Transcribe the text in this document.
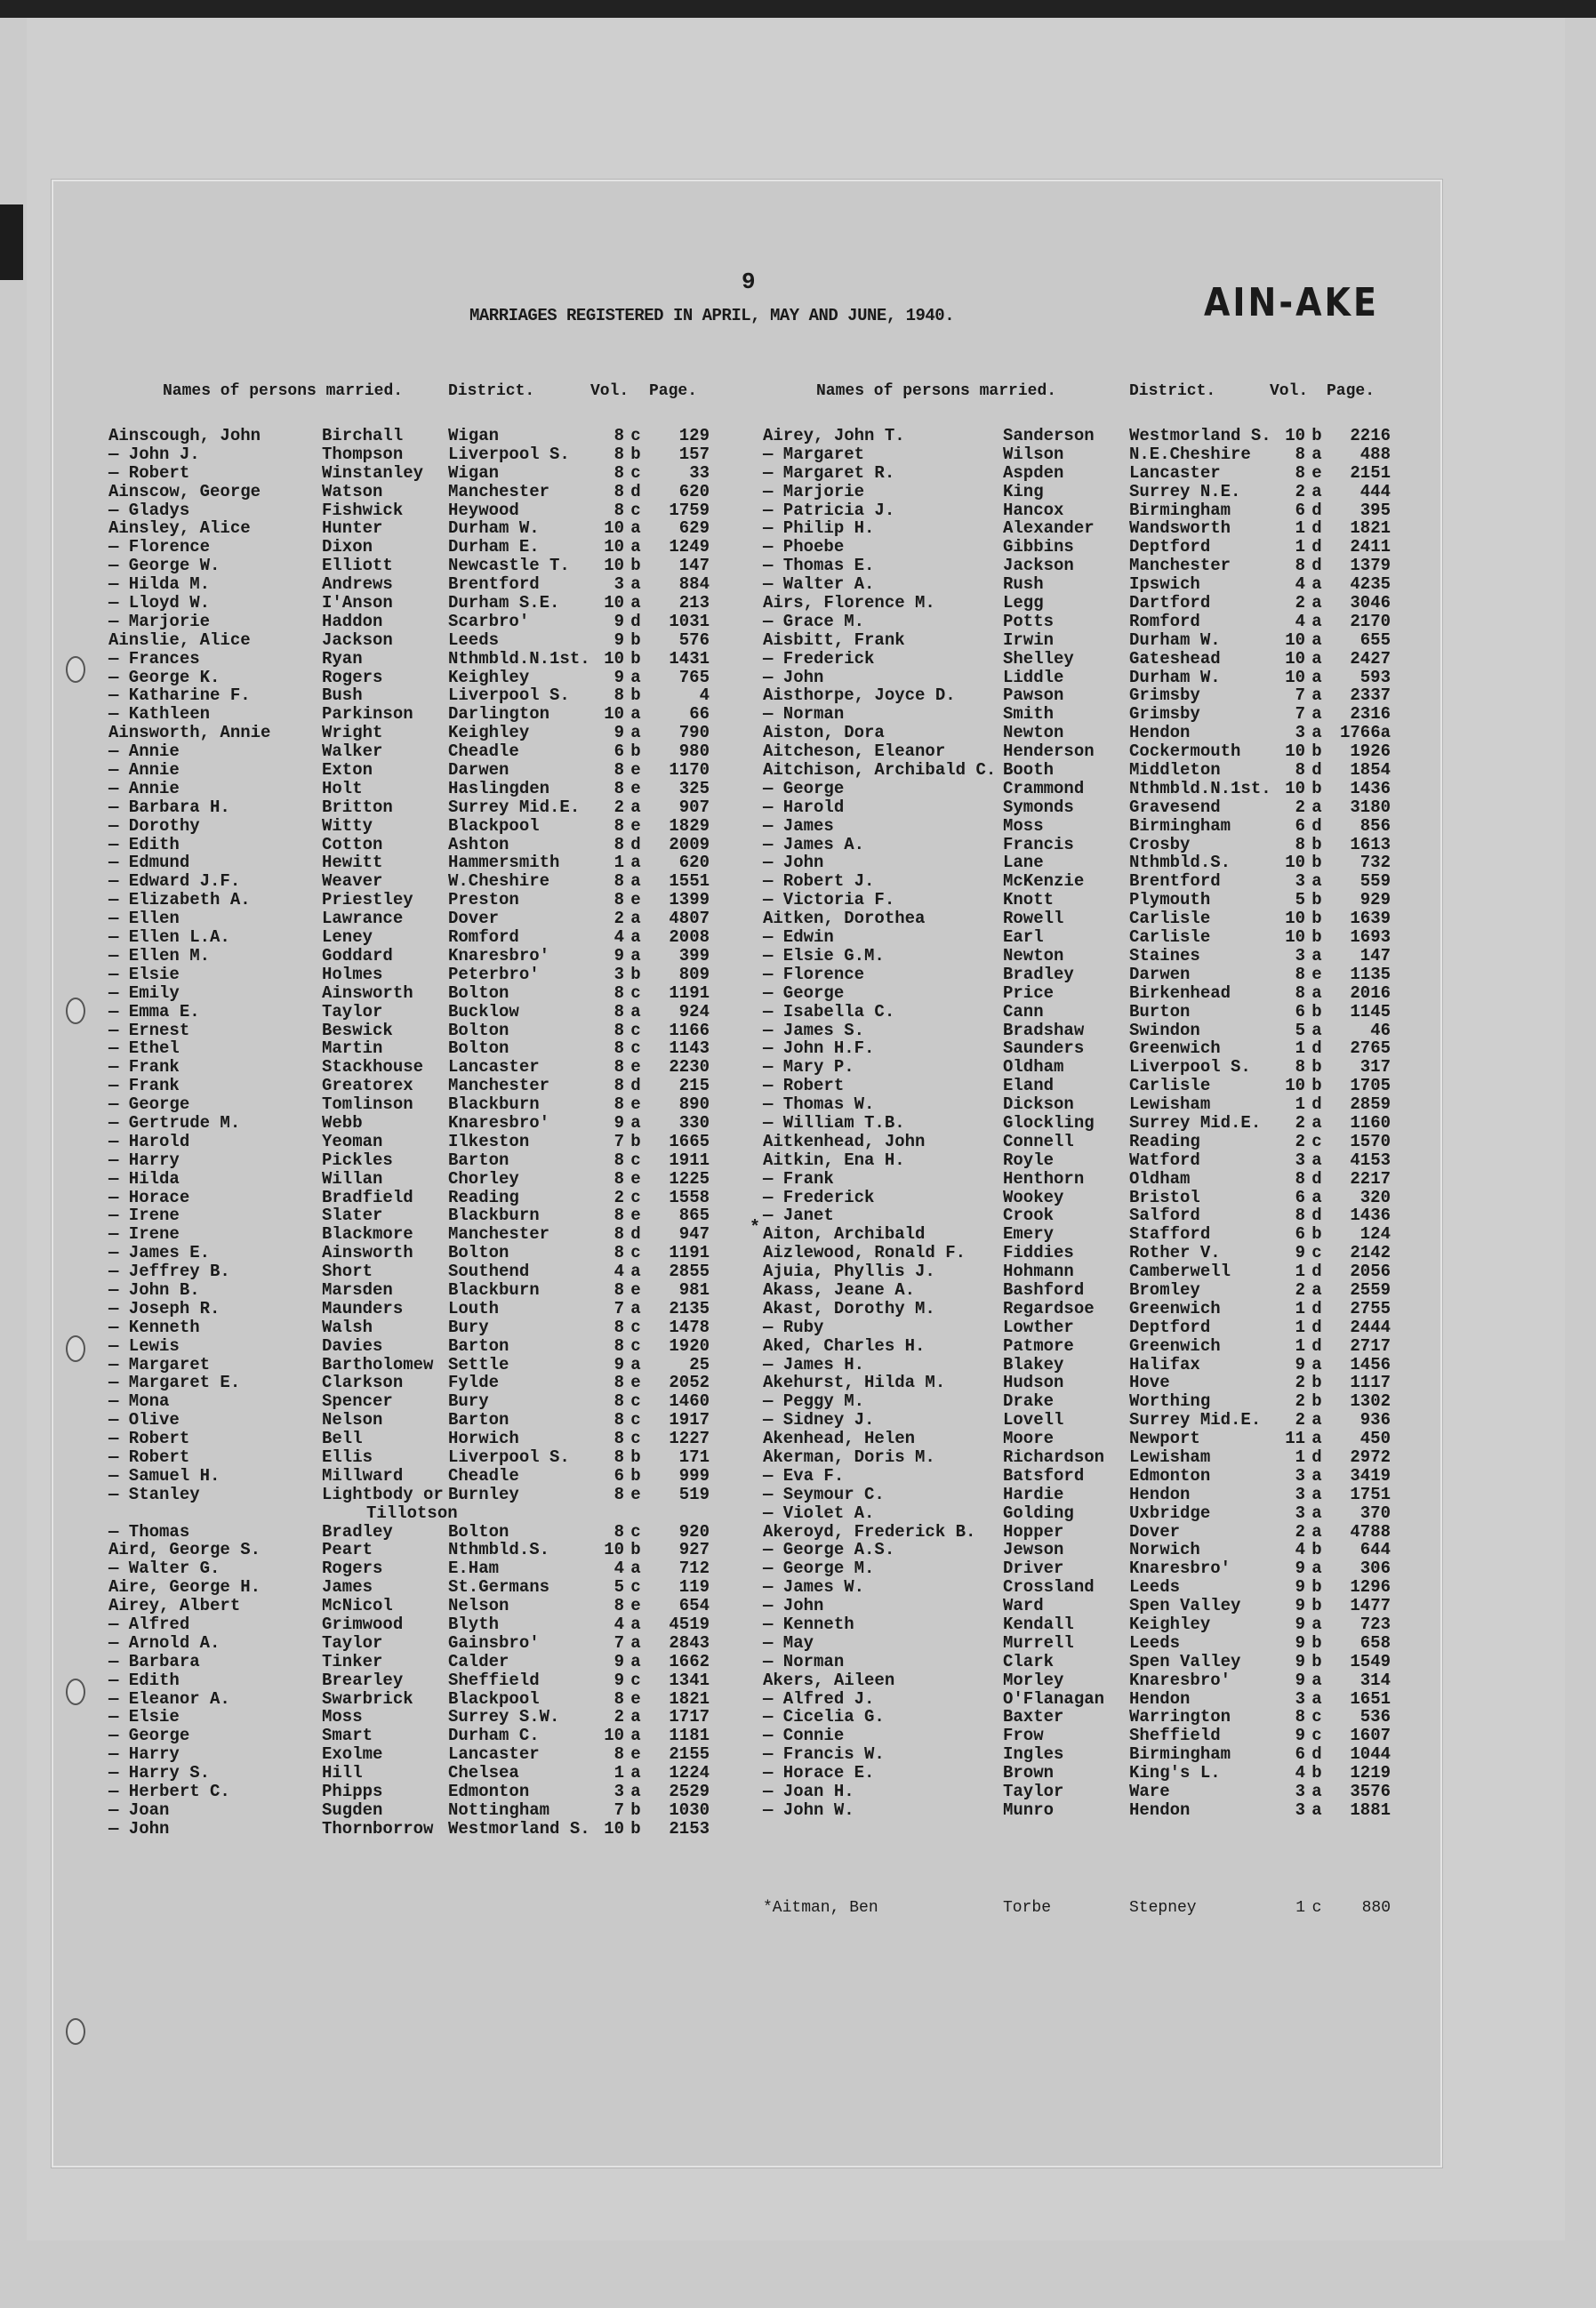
9
MARRIAGES REGISTERED IN APRIL, MAY AND JUNE, 1940.	AIN-AKE
Names of persons married.	District.	Vol. Page.	Names of persons married.	District.	Vol. Page.
Ainscough, John	Birchall	Wigan	8 c	129
— John J.	Thompson	Liverpool S.	8 b	157
— Robert	Winstanley	Wigan	8 c	33
Ainscow, George	Watson	Manchester	8 d	620
— Gladys	Fishwick	Heywood	8 c	1759
Ainsley, Alice	Hunter	Durham W.	10 a	629
— Florence	Dixon	Durham E.	10 a	1249
— George W.	Elliott	Newcastle T.	10 b	147
— Hilda M.	Andrews	Brentford	3 a	884
— Lloyd W.	I'Anson	Durham S.E.	10 a	213
— Marjorie	Haddon	Scarbro'	9 d	1031
Ainslie, Alice	Jackson	Leeds	9 b	576
— Frances	Ryan	Nthmbld.N.1st. 10 b	1431
— George K.	Rogers	Keighley	9 a	765
— Katharine F.	Bush	Liverpool S.	8 b	4
— Kathleen	Parkinson	Darlington	10 a	66
Ainsworth, Annie	Wright	Keighley	9 a	790
— Annie	Walker	Cheadle	6 b	980
— Annie	Exton	Darwen	8 e	1170
— Annie	Holt	Haslingden	8 e	325
— Barbara H.	Britton	Surrey Mid.E.	2 a	907
— Dorothy	Witty	Blackpool	8 e	1829
— Edith	Cotton	Ashton	8 d	2009
— Edmund	Hewitt	Hammersmith	1 a	620
— Edward J.F.	Weaver	W.Cheshire	8 a	1551
— Elizabeth A.	Priestley	Preston	8 e	1399
— Ellen	Lawrance	Dover	2 a	4807
— Ellen L.A.	Leney	Romford	4 a	2008
— Ellen M.	Goddard	Knaresbro'	9 a	399
— Elsie	Holmes	Peterbro'	3 b	809
— Emily	Ainsworth	Bolton	8 c	1191
— Emma E.	Taylor	Bucklow	8 a	924
— Ernest	Beswick	Bolton	8 c	1166
— Ethel	Martin	Bolton	8 c	1143
— Frank	Stackhouse	Lancaster	8 e	2230
— Frank	Greatorex	Manchester	8 d	215
— George	Tomlinson	Blackburn	8 e	890
— Gertrude M.	Webb	Knaresbro'	9 a	330
— Harold	Yeoman	Ilkeston	7 b	1665
— Harry	Pickles	Barton	8 c	1911
— Hilda	Willan	Chorley	8 e	1225
— Horace	Bradfield	Reading	2 c	1558
— Irene	Slater	Blackburn	8 e	865
— Irene	Blackmore	Manchester	8 d	947
— James E.	Ainsworth	Bolton	8 c	1191
— Jeffrey B.	Short	Southend	4 a	2855
— John B.	Marsden	Blackburn	8 e	981
— Joseph R.	Maunders	Louth	7 a	2135
— Kenneth	Walsh	Bury	8 c	1478
— Lewis	Davies	Barton	8 c	1920
— Margaret	Bartholomew Settle	9 a	25
— Margaret E.	Clarkson	Fylde	8 e	2052
— Mona	Spencer	Bury	8 c	1460
— Olive	Nelson	Barton	8 c	1917
— Robert	Bell	Horwich	8 c	1227
— Robert	Ellis	Liverpool S.	8 b	171
— Samuel H.	Millward	Cheadle	6 b	999
— Stanley	Lightbody or Burnley	8 e	519
Tillotson
— Thomas	Bradley	Bolton	8 c	920
Aird, George S.	Peart	Nthmbld.S.	10 b	927
— Walter G.	Rogers	E.Ham	4 a	712
Aire, George H.	James	St.Germans	5 c	119
Airey, Albert	McNicol	Nelson	8 e	654
— Alfred	Grimwood	Blyth	4 a	4519
— Arnold A.	Taylor	Gainsbro'	7 a	2843
— Barbara	Tinker	Calder	9 a	1662
— Edith	Brearley	Sheffield	9 c	1341
— Eleanor A.	Swarbrick	Blackpool	8 e	1821
— Elsie	Moss	Surrey S.W.	2 a	1717
— George	Smart	Durham C.	10 a	1181
— Harry	Exolme	Lancaster	8 e	2155
— Harry S.	Hill	Chelsea	1 a	1224
— Herbert C.	Phipps	Edmonton	3 a	2529
— Joan	Sugden	Nottingham	7 b	1030
— John	Thornborrow Westmorland S. 10 b	2153
Airey, John T.	Sanderson	Westmorland S. 10 b	2216
— Margaret	Wilson	N.E.Cheshire	8 a	488
— Margaret R.	Aspden	Lancaster	8 e	2151
— Marjorie	King	Surrey N.E.	2 a	444
— Patricia J.	Hancox	Birmingham	6 d	395
— Philip H.	Alexander	Wandsworth	1 d	1821
— Phoebe	Gibbins	Deptford	1 d	2411
— Thomas E.	Jackson	Manchester	8 d	1379
— Walter A.	Rush	Ipswich	4 a	4235
Airs, Florence M.	Legg	Dartford	2 a	3046
— Grace M.	Potts	Romford	4 a	2170
Aisbitt, Frank	Irwin	Durham W.	10 a	655
— Frederick	Shelley	Gateshead	10 a	2427
— John	Liddle	Durham W.	10 a	593
Aisthorpe, Joyce D.	Pawson	Grimsby	7 a	2337
— Norman	Smith	Grimsby	7 a	2316
Aiston, Dora	Newton	Hendon	3 a	1766a
Aitcheson, Eleanor	Henderson	Cockermouth	10 b	1926
Aitchison, Archibald C. Booth	Middleton	8 d	1854
— George	Crammond	Nthmbld.N.1st. 10 b	1436
— Harold	Symonds	Gravesend	2 a	3180
— James	Moss	Birmingham	6 d	856
— James A.	Francis	Crosby	8 b	1613
— John	Lane	Nthmbld.S.	10 b	732
— Robert J.	McKenzie	Brentford	3 a	559
— Victoria F.	Knott	Plymouth	5 b	929
Aitken, Dorothea	Rowell	Carlisle	10 b	1639
— Edwin	Earl	Carlisle	10 b	1693
— Elsie G.M.	Newton	Staines	3 a	147
— Florence	Bradley	Darwen	8 e	1135
— George	Price	Birkenhead	8 a	2016
— Isabella C.	Cann	Burton	6 b	1145
— James S.	Bradshaw	Swindon	5 a	46
— John H.F.	Saunders	Greenwich	1 d	2765
— Mary P.	Oldham	Liverpool S.	8 b	317
— Robert	Eland	Carlisle	10 b	1705
— Thomas W.	Dickson	Lewisham	1 d	2859
— William T.B.	Glockling	Surrey Mid.E.	2 a	1160
Aitkenhead, John	Connell	Reading	2 c	1570
Aitkin, Ena H.	Royle	Watford	3 a	4153
— Frank	Henthorn	Oldham	8 d	2217
— Frederick	Wookey	Bristol	6 a	320
— Janet	Crook	Salford	8 d	1436
Aiton, Archibald	Emery	Stafford	6 b	124
Aizlewood, Ronald F.	Fiddies	Rother V.	9 c	2142
Ajuia, Phyllis J.	Hohmann	Camberwell	1 d	2056
Akass, Jeane A.	Bashford	Bromley	2 a	2559
Akast, Dorothy M.	Regardsoe	Greenwich	1 d	2755
— Ruby	Lowther	Deptford	1 d	2444
Aked, Charles H.	Patmore	Greenwich	1 d	2717
— James H.	Blakey	Halifax	9 a	1456
Akehurst, Hilda M.	Hudson	Hove	2 b	1117
— Peggy M.	Drake	Worthing	2 b	1302
— Sidney J.	Lovell	Surrey Mid.E.	2 a	936
Akenhead, Helen	Moore	Newport	11 a	450
Akerman, Doris M.	Richardson	Lewisham	1 d	2972
— Eva F.	Batsford	Edmonton	3 a	3419
— Seymour C.	Hardie	Hendon	3 a	1751
— Violet A.	Golding	Uxbridge	3 a	370
Akeroyd, Frederick B.	Hopper	Dover	2 a	4788
— George A.S.	Jewson	Norwich	4 b	644
— George M.	Driver	Knaresbro'	9 a	306
— James W.	Crossland	Leeds	9 b	1296
— John	Ward	Spen Valley	9 b	1477
— Kenneth	Kendall	Keighley	9 a	723
— May	Murrell	Leeds	9 b	658
— Norman	Clark	Spen Valley	9 b	1549
Akers, Aileen	Morley	Knaresbro'	9 a	314
— Alfred J.	O'Flanagan	Hendon	3 a	1651
— Cicelia G.	Baxter	Warrington	8 c	536
— Connie	Frow	Sheffield	9 c	1607
— Francis W.	Ingles	Birmingham	6 d	1044
— Horace E.	Brown	King's L.	4 b	1219
— Joan H.	Taylor	Ware	3 a	3576
— John W.	Munro	Hendon	3 a	1881
*
*Aitman, Ben	Torbe	Stepney	1 c	880
